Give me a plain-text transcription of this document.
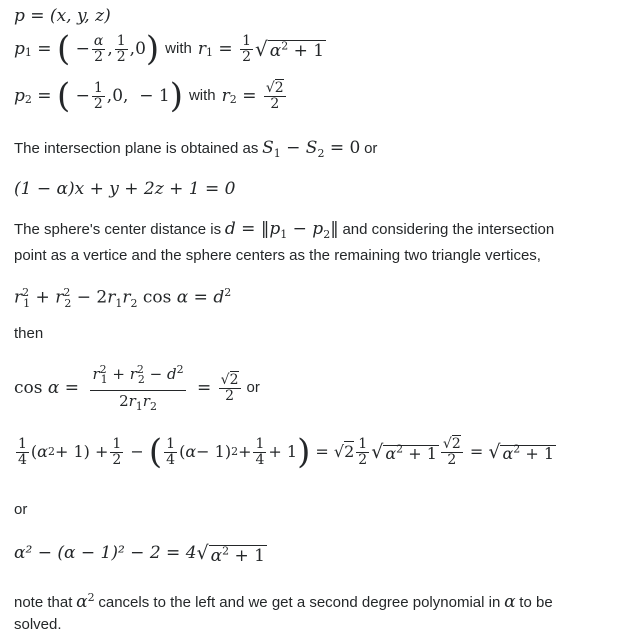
p = (x, y, z)
$p_1$ = ( − $\frac{\alpha}{2}$ , $\frac{1}{2} ,0$ ) with $r_1 = \frac{1}{2}$ √ $\alpha^2 + 1$
$p_2$ = ( − $\frac{1}{2} ,0$,  − 1 ) with $r_2 = \frac{√2}{2}$
The intersection plane is obtained as $S_1 - S_2 = 0$ or
(1 − α)x + y + 2z + 1 = 0
The sphere's center distance is $d = ‖p_1$ − $p_2‖$ and considering the intersection
point as a vertice and the sphere centers as the remaining two triangle vertices,
$r^2_1 + r^2_2 - 2r_1r_2$ $\cos \alpha = d^2$
then
$\cos \alpha = \frac{r^2_1 + r^2_2 - d^2}{2r_1r_2} = \frac{√2}{2}$ or
$\frac{1}{4}$ ( α $2 + 1) + \frac{1}{2}$ − ( $\frac{1}{4}$ ( α − 1) $2 + \frac{1}{4} + 1$ ) = $√2 \frac{1}{2}$ √ $\alpha^2 + 1 \frac{√2}{2}$ = √ $\alpha^2 + 1$
or
α² − (α − 1)² − 2 = 4 √ $\alpha^2 + 1$
note that $\alpha^2$ cancels to the left and we get a second degree polynomial in α to be
solved.
